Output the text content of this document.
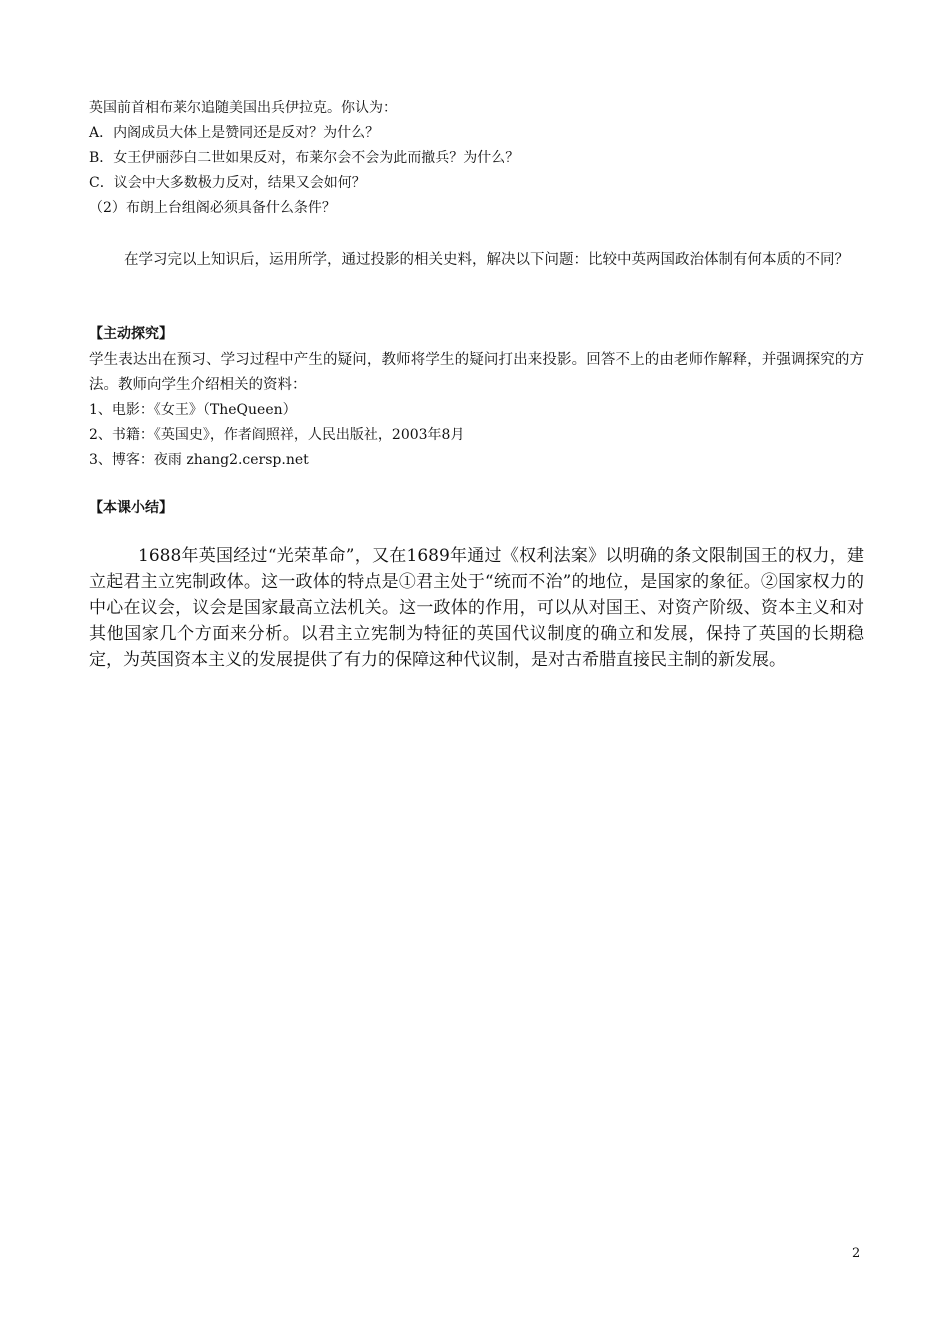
英国前首相布莱尔追随美国出兵伊拉克。你认为：
A．内阁成员大体上是赞同还是反对？为什么？
B．女王伊丽莎白二世如果反对，布莱尔会不会为此而撤兵？为什么？
C．议会中大多数极力反对，结果又会如何？
（2）布朗上台组阁必须具备什么条件？
在学习完以上知识后，运用所学，通过投影的相关史料，解决以下问题：比较中英两国政治体制有何本质的不同？
【主动探究】
学生表达出在预习、学习过程中产生的疑问，教师将学生的疑问打出来投影。回答不上的由老师作解释，并强调探究的方法。教师向学生介绍相关的资料：
1、电影：《女王》（TheQueen）
2、书籍：《英国史》，作者阎照祥，人民出版社，2003年8月
3、博客：夜雨 zhang2.cersp.net
【本课小结】
1688年英国经过“光荣革命”，又在1689年通过《权利法案》以明确的条文限制国王的权力，建立起君主立宪制政体。这一政体的特点是①君主处于“统而不治”的地位，是国家的象征。②国家权力的中心在议会，议会是国家最高立法机关。这一政体的作用，可以从对国王、对资产阶级、资本主义和对其他国家几个方面来分析。以君主立宪制为特征的英国代议制度的确立和发展，保持了英国的长期稳定，为英国资本主义的发展提供了有力的保障这种代议制，是对古希腊直接民主制的新发展。
2
